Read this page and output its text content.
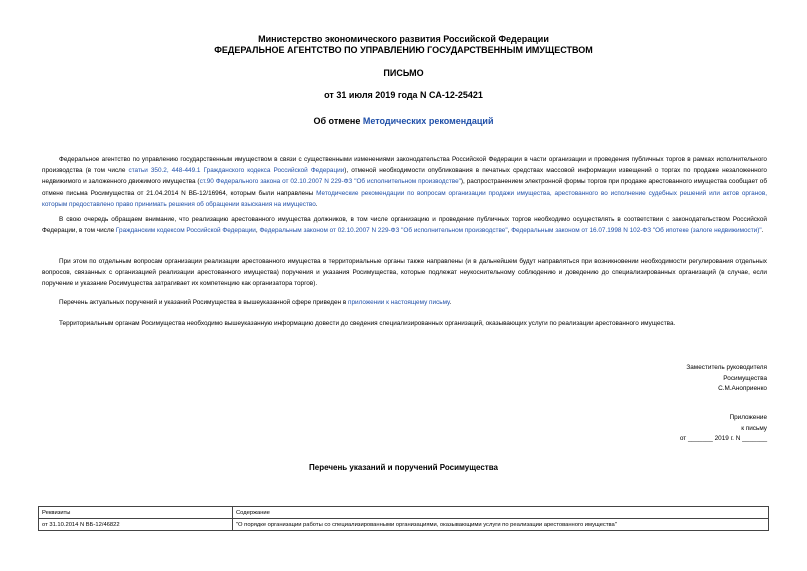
Министерство экономического развития Российской Федерации
ФЕДЕРАЛЬНОЕ АГЕНТСТВО ПО УПРАВЛЕНИЮ ГОСУДАРСТВЕННЫМ ИМУЩЕСТВОМ
ПИСЬМО
от 31 июля 2019 года N СА-12-25421
Об отмене Методических рекомендаций
Федеральное агентство по управлению государственным имуществом в связи с существенными изменениями законодательства Российской Федерации в части организации и проведения публичных торгов в рамках исполнительного производства (в том числе статьи 350.2, 448-449.1 Гражданского кодекса Российской Федерации), отменой необходимости опубликования в печатных средствах массовой информации извещений о торгах по продаже незаложенного недвижимого и заложенного движимого имущества (ст.90 Федерального закона от 02.10.2007 N 229-ФЗ "Об исполнительном производстве"), распространением электронной формы торгов при продаже арестованного имущества сообщает об отмене письма Росимущества от 21.04.2014 N ВБ-12/16964, которым были направлены Методические рекомендации по вопросам организации продажи имущества, арестованного во исполнение судебных решений или актов органов, которым предоставлено право принимать решения об обращении взыскания на имущество.
В свою очередь обращаем внимание, что реализацию арестованного имущества должников, в том числе организацию и проведение публичных торгов необходимо осуществлять в соответствии с законодательством Российской Федерации, в том числе Гражданским кодексом Российской Федерации, Федеральным законом от 02.10.2007 N 229-ФЗ "Об исполнительном производстве", Федеральным законом от 16.07.1998 N 102-ФЗ "Об ипотеке (залоге недвижимости)".
При этом по отдельным вопросам организации реализации арестованного имущества в территориальные органы также направлены (и в дальнейшем будут направляться при возникновении необходимости регулирования отдельных вопросов, связанных с организацией реализации арестованного имущества) поручения и указания Росимущества, которые подлежат неукоснительному соблюдению и доведению до специализированных организаций (в случае, если поручение и указание Росимущества затрагивает их компетенцию как организатора торгов).
Перечень актуальных поручений и указаний Росимущества в вышеуказанной сфере приведен в приложении к настоящему письму.
Территориальным органам Росимущества необходимо вышеуказанную информацию довести до сведения специализированных организаций, оказывающих услуги по реализации арестованного имущества.
Заместитель руководителя
Росимущества
С.М.Аноприенко
Приложение
к письму
от _______ 2019 г. N _______
Перечень указаний и поручений Росимущества
Реквизиты	Содержание
от 31.10.2014 N ВБ-12/46822	"О порядке организации работы со специализированными организациями, оказывающими услуги по реализации арестованного имущества"
